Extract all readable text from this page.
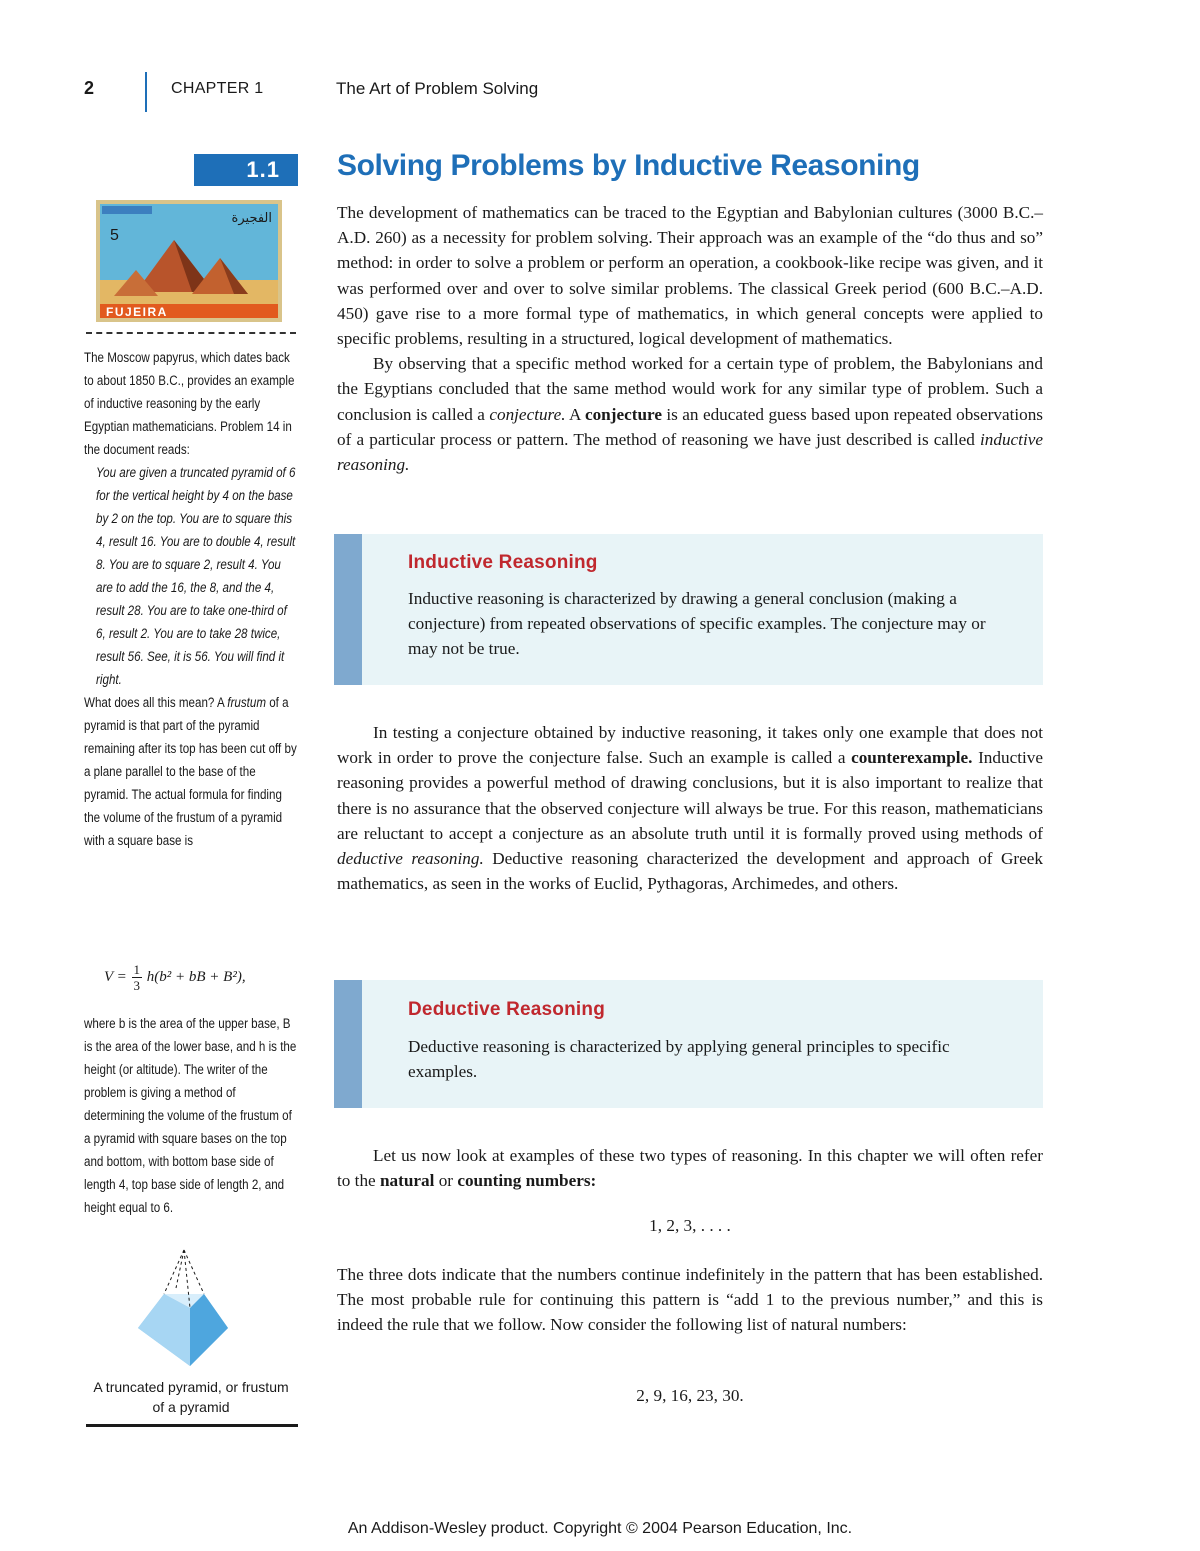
2	CHAPTER 1	The Art of Problem Solving
1.1	Solving Problems by Inductive Reasoning
FUJEIRA
الفجيرة
5

The Moscow papyrus, which dates back to about 1850 B.C., provides an example of inductive reasoning by the early Egyptian mathematicians. Problem 14 in the document reads:

You are given a truncated pyramid of 6 for the vertical height by 4 on the base by 2 on the top. You are to square this 4, result 16. You are to double 4, result 8. You are to square 2, result 4. You are to add the 16, the 8, and the 4, result 28. You are to take one-third of 6, result 2. You are to take 28 twice, result 56. See, it is 56. You will find it right.

What does all this mean? A frustum of a pyramid is that part of the pyramid remaining after its top has been cut off by a plane parallel to the base of the pyramid. The actual formula for finding the volume of the frustum of a pyramid with a square base is

$V = \frac{1}{3} h(b^2$ + bB + B²),

where b is the area of the upper base, B is the area of the lower base, and h is the height (or altitude). The writer of the problem is giving a method of determining the volume of the frustum of a pyramid with square bases on the top and bottom, with bottom base side of length 4, top base side of length 2, and height equal to 6.

A truncated pyramid, or frustum of a pyramid

The development of mathematics can be traced to the Egyptian and Babylonian cultures (3000 B.C.–A.D. 260) as a necessity for problem solving. Their approach was an example of the “do thus and so” method: in order to solve a problem or perform an operation, a cookbook-like recipe was given, and it was performed over and over to solve similar problems. The classical Greek period (600 B.C.–A.D. 450) gave rise to a more formal type of mathematics, in which general concepts were applied to specific problems, resulting in a structured, logical development of mathematics.

By observing that a specific method worked for a certain type of problem, the Babylonians and the Egyptians concluded that the same method would work for any similar type of problem. Such a conclusion is called a conjecture. A conjecture is an educated guess based upon repeated observations of a particular process or pattern. The method of reasoning we have just described is called inductive reasoning.

Inductive Reasoning
Inductive reasoning is characterized by drawing a general conclusion (making a conjecture) from repeated observations of specific examples. The conjecture may or may not be true.

In testing a conjecture obtained by inductive reasoning, it takes only one example that does not work in order to prove the conjecture false. Such an example is called a counterexample. Inductive reasoning provides a powerful method of drawing conclusions, but it is also important to realize that there is no assurance that the observed conjecture will always be true. For this reason, mathematicians are reluctant to accept a conjecture as an absolute truth until it is formally proved using methods of deductive reasoning. Deductive reasoning characterized the development and approach of Greek mathematics, as seen in the works of Euclid, Pythagoras, Archimedes, and others.

Deductive Reasoning
Deductive reasoning is characterized by applying general principles to specific examples.

Let us now look at examples of these two types of reasoning. In this chapter we will often refer to the natural or counting numbers:

1, 2, 3, . . . .

The three dots indicate that the numbers continue indefinitely in the pattern that has been established. The most probable rule for continuing this pattern is “add 1 to the previous number,” and this is indeed the rule that we follow. Now consider the following list of natural numbers:

2, 9, 16, 23, 30.
An Addison-Wesley product. Copyright © 2004 Pearson Education, Inc.
